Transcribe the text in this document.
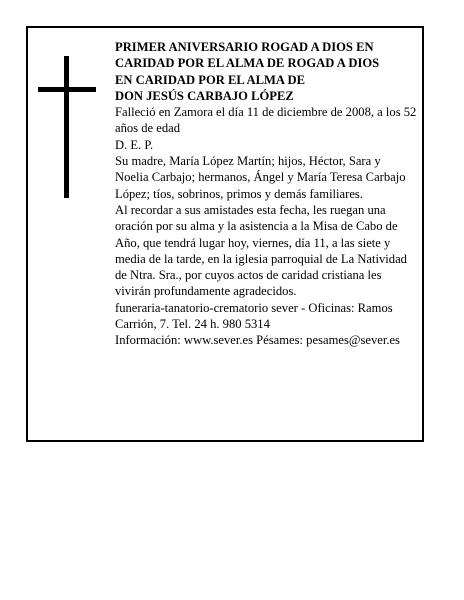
PRIMER ANIVERSARIO ROGAD A DIOS EN
CARIDAD POR EL ALMA DE ROGAD A DIOS
EN CARIDAD POR EL ALMA DE
DON JESÚS CARBAJO LÓPEZ

Falleció en Zamora el día 11 de diciembre de 2008, a los 52 años de edad

D. E. P.

Su madre, María López Martín; hijos, Héctor, Sara y Noelia Carbajo; hermanos, Ángel y María Teresa Carbajo López; tíos, sobrinos, primos y demás familiares.

Al recordar a sus amistades esta fecha, les ruegan una oración por su alma y la asistencia a la Misa de Cabo de Año, que tendrá lugar hoy, viernes, día 11, a las siete y media de la tarde, en la iglesia parroquial de La Natividad de Ntra. Sra., por cuyos actos de caridad cristiana les vivirán profundamente agradecidos.

funeraria-tanatorio-crematorio sever - Oficinas: Ramos Carrión, 7. Tel. 24 h. 980 5314

Información: www.sever.es Pésames: pesames@sever.es
